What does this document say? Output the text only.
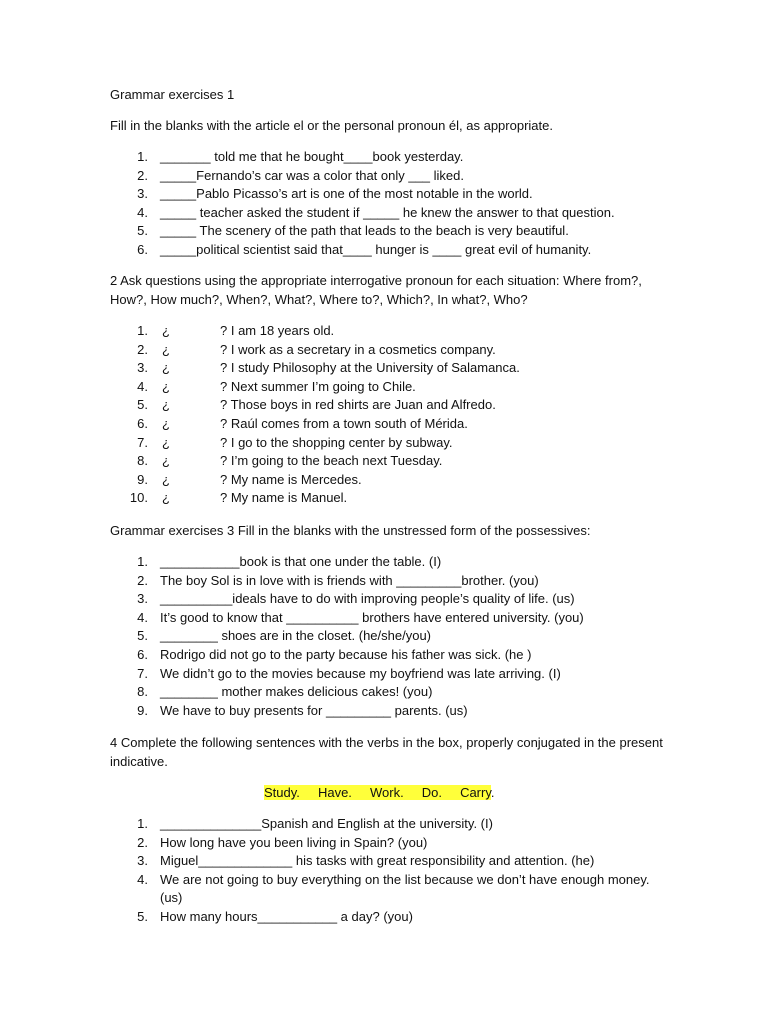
Grammar exercises 1

Fill in the blanks with the article el or the personal pronoun él, as appropriate.

1. _______ told me that he bought____book yesterday.
2. _____Fernando’s car was a color that only ___ liked.
3. _____Pablo Picasso’s art is one of the most notable in the world.
4. _____ teacher asked the student if _____ he knew the answer to that question.
5. _____ The scenery of the path that leads to the beach is very beautiful.
6. _____political scientist said that____ hunger is ____ great evil of humanity.

2 Ask questions using the appropriate interrogative pronoun for each situation: Where from?, How?, How much?, When?, What?, Where to?, Which?, In what?, Who?

1. ¿	? I am 18 years old.
2. ¿	? I work as a secretary in a cosmetics company.
3. ¿	? I study Philosophy at the University of Salamanca.
4. ¿	? Next summer I’m going to Chile.
5. ¿	? Those boys in red shirts are Juan and Alfredo.
6. ¿	? Raúl comes from a town south of Mérida.
7. ¿	? I go to the shopping center by subway.
8. ¿	? I’m going to the beach next Tuesday.
9. ¿	? My name is Mercedes.
10. ¿	? My name is Manuel.

Grammar exercises 3 Fill in the blanks with the unstressed form of the possessives:

1. ___________book is that one under the table. (I)
2. The boy Sol is in love with is friends with _________brother. (you)
3. __________ideals have to do with improving people’s quality of life. (us)
4. It’s good to know that __________ brothers have entered university. (you)
5. ________ shoes are in the closet. (he/she/you)
6. Rodrigo did not go to the party because his father was sick. (he )
7. We didn’t go to the movies because my boyfriend was late arriving. (I)
8. ________ mother makes delicious cakes! (you)
9. We have to buy presents for _________ parents. (us)

4 Complete the following sentences with the verbs in the box, properly conjugated in the present indicative.

Study. Have. Work. Do. Carry.
1. ______________Spanish and English at the university. (I)
2. How long have you been living in Spain? (you)
3. Miguel_____________ his tasks with great responsibility and attention. (he)
4. We are not going to buy everything on the list because we don’t have enough money. (us)
5. How many hours___________ a day? (you)
